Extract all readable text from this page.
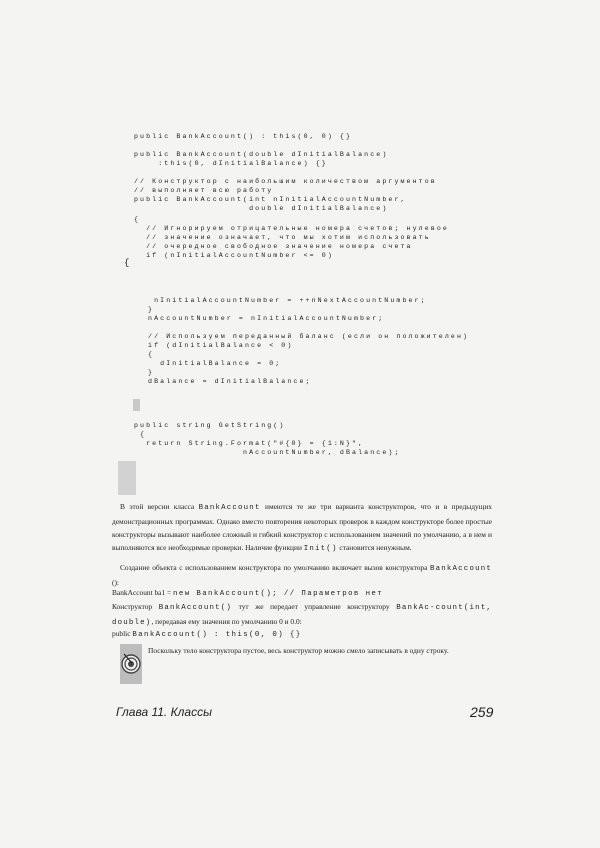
public BankAccount() : this(0, 0) {}

public BankAccount(double dInitialBalance)
:this(0, dInitialBalance) {}

// Конструктор с наибольшим количеством аргументов
// выполняет всю работу
public BankAccount(int nInitialAccountNumber,
double dInitialBalance)
{
// Игнорируем отрицательные номера счетов; нулевое
// значение означает, что мы хотим использовать
// очередное свободное значение номера счета
if (nInitialAccountNumber <= 0)
{
nInitialAccountNumber = ++nNextAccountNumber;
}
nAccountNumber = nInitialAccountNumber;

// Используем переданный баланс (если он положителен)
if (dInitialBalance < 0)
{
dInitialBalance = 0;
}
dBalance = dInitialBalance;
public string GetString()
{
return String.Format("#{0} = {1:N}",
nAccountNumber, dBalance);

В этой версии класса BankAccount имеются те же три варианта конструкторов, что и в предыдущих демонстрационных программах. Однако вместо повторения некоторых проверок в каждом конструкторе более простые конструкторы вызывают наиболее сложный и гибкий конструктор с использованием значений по умолчанию, а в нем и выполняются все необходимые проверки. Наличие функции Init() становится ненужным.

Создание объекта с использованием конструктора по умолчанию включает вызов конструктора BankAccount ():

BankAccount ba1 = new BankAccount(); // Параметров нет

Конструктор BankAccount() тут же передает управление конструктору BankAc-count(int, double), передавая ему значения по умолчанию 0 и 0.0:

public BankAccount() : this(0, 0) {}

Поскольку тело конструктора пустое, весь конструктор можно смело записывать в одну строку.

Глава 11. Классы	259
